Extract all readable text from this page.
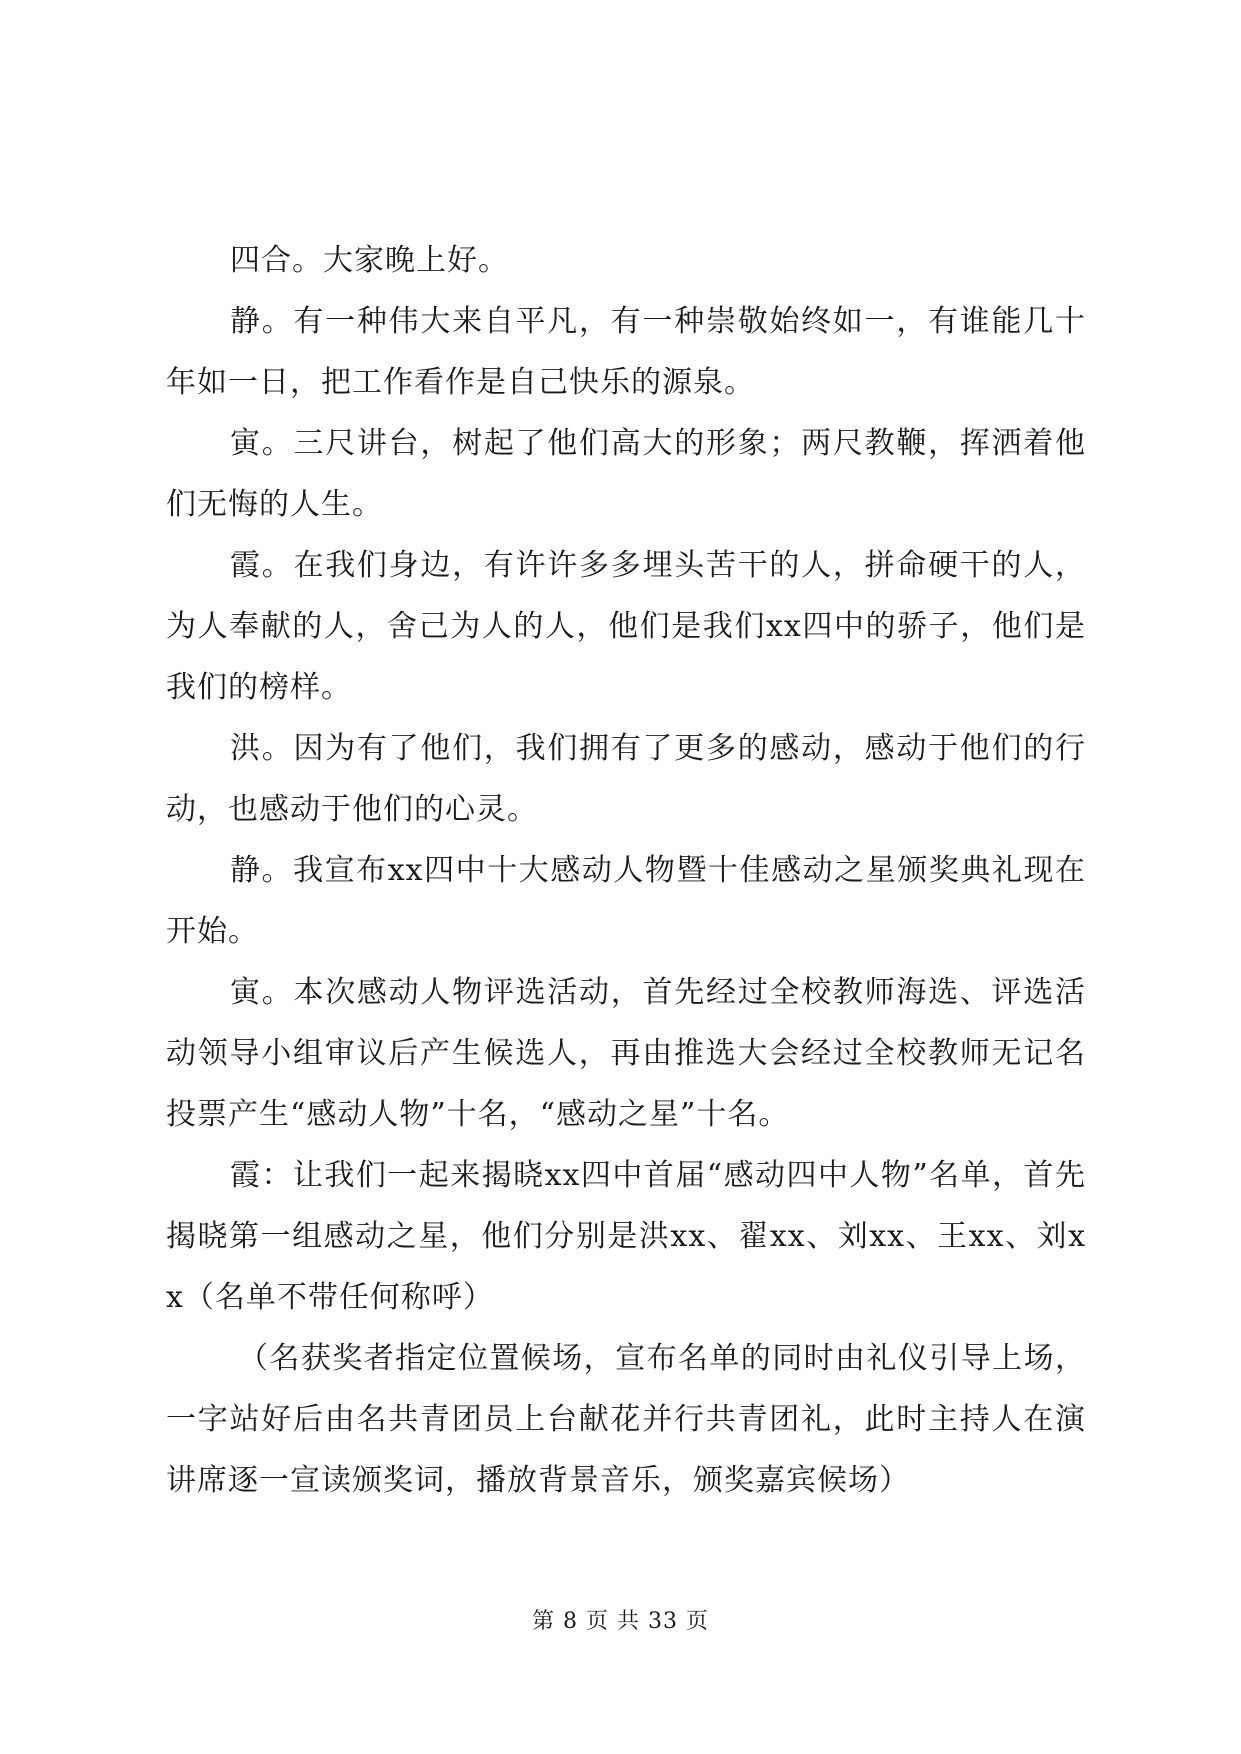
四合。大家晚上好。

静。有一种伟大来自平凡，有一种崇敬始终如一，有谁能几十年如一日，把工作看作是自己快乐的源泉。

寅。三尺讲台，树起了他们高大的形象；两尺教鞭，挥洒着他们无悔的人生。

霞。在我们身边，有许许多多埋头苦干的人，拼命硬干的人，为人奉献的人，舍己为人的人，他们是我们xx四中的骄子，他们是我们的榜样。

洪。因为有了他们，我们拥有了更多的感动，感动于他们的行动，也感动于他们的心灵。

静。我宣布xx四中十大感动人物暨十佳感动之星颁奖典礼现在开始。

寅。本次感动人物评选活动，首先经过全校教师海选、评选活动领导小组审议后产生候选人，再由推选大会经过全校教师无记名投票产生“感动人物”十名，“感动之星”十名。

霞：让我们一起来揭晓xx四中首届“感动四中人物”名单，首先揭晓第一组感动之星，他们分别是洪xx、翟xx、刘xx、王xx、刘xx（名单不带任何称呼）

（名获奖者指定位置候场，宣布名单的同时由礼仪引导上场，一字站好后由名共青团员上台献花并行共青团礼，此时主持人在演讲席逐一宣读颁奖词，播放背景音乐，颁奖嘉宾候场）

第 8 页 共 33 页
